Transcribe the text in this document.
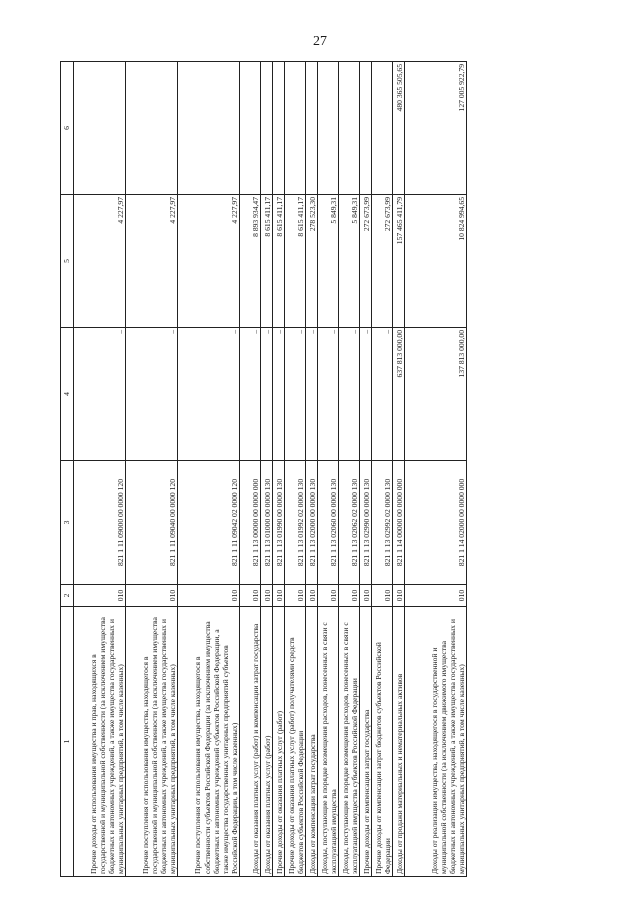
27
1	2	3	4	5	6
Прочие доходы от использования имущества и прав, находящихся в государственной и муниципальной собственности (за исключением имущества бюджетных и автономных учреждений, а также имущества государственных и муниципальных унитарных предприятий, в том числе казенных)	010	821 1 11 09000 00 0000 120	–	4 227,97	
Прочие поступления от использования имущества, находящегося в государственной и муниципальной собственности (за исключением имущества бюджетных и автономных учреждений, а также имущества государственных и муниципальных унитарных предприятий, в том числе казенных)	010	821 1 11 09040 00 0000 120	–	4 227,97	
Прочие поступления от использования имущества, находящегося в собственности субъектов Российской Федерации (за исключением имущества бюджетных и автономных учреждений субъектов Российской Федерации, а также имущества государственных унитарных предприятий субъектов Российской Федерации, в том числе казенных)	010	821 1 11 09042 02 0000 120	–	4 227,97	
Доходы от оказания платных услуг (работ) и компенсации затрат государства	010	821 1 13 00000 00 0000 000	–	8 893 934,47	
Доходы от оказания платных услуг (работ)	010	821 1 13 01000 00 0000 130	–	8 615 411,17	
Прочие доходы от оказания платных услуг (работ)	010	821 1 13 01990 00 0000 130	–	8 615 411,17	
Прочие доходы от оказания платных услуг (работ) получателями средств бюджетов субъектов Российской Федерации	010	821 1 13 01992 02 0000 130	–	8 615 411,17	
Доходы от компенсации затрат государства	010	821 1 13 02000 00 0000 130	–	278 523,30	
Доходы, поступающие в порядке возмещения расходов, понесенных в связи с эксплуатацией имущества	010	821 1 13 02060 00 0000 130	–	5 849,31	
Доходы, поступающие в порядке возмещения расходов, понесенных в связи с эксплуатацией имущества субъектов Российской Федерации	010	821 1 13 02062 02 0000 130	–	5 849,31	
Прочие доходы от компенсации затрат государства	010	821 1 13 02990 00 0000 130	–	272 673,99	
Прочие доходы от компенсации затрат бюджетов субъектов Российской Федерации	010	821 1 13 02992 02 0000 130	–	272 673,99	
Доходы от продажи материальных и нематериальных активов	010	821 1 14 00000 00 0000 000	637 813 000,00	157 465 411,79	480 365 505,65
Доходы от реализации имущества, находящегося в государственной и муниципальной собственности (за исключением движимого имущества бюджетных и автономных учреждений, а также имущества государственных и муниципальных унитарных предприятий, в том числе казенных)	010	821 1 14 02000 00 0000 000	137 813 000,00	10 824 994,65	127 005 922,79
